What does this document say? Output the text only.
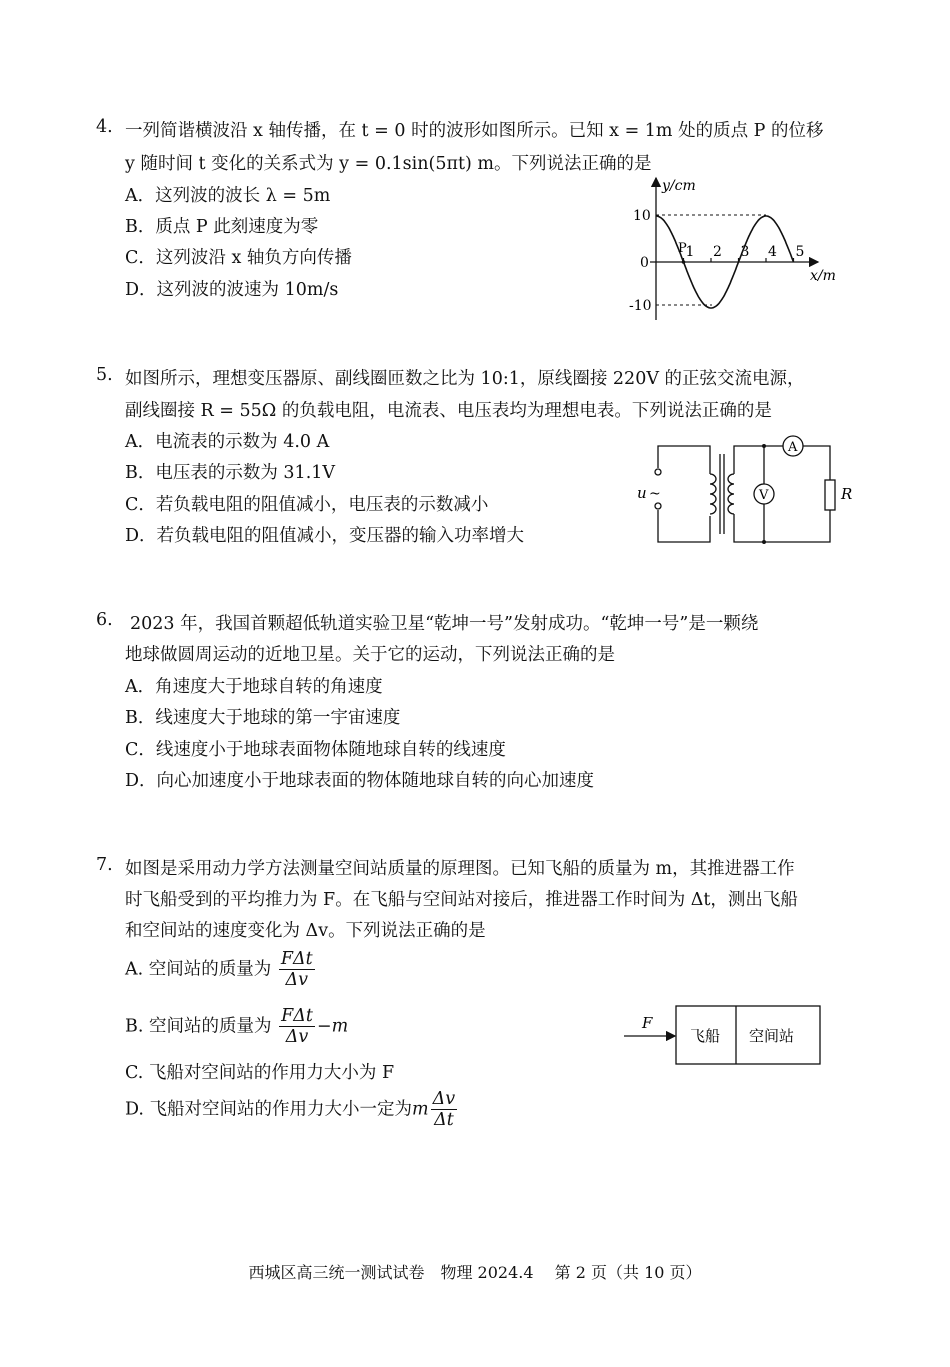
4. 一列简谐横波沿 x 轴传播，在 t = 0 时的波形如图所示。已知 x = 1m 处的质点 P 的位移
y 随时间 t 变化的关系式为 y = 0.1sin(5πt) m。下列说法正确的是
A．这列波的波长 λ = 5m
B．质点 P 此刻速度为零
C．这列波沿 x 轴负方向传播
D．这列波的波速为 10m/s
y/cm
x/m
10
0
-10
P
1 2 3 4 5
5. 如图所示，理想变压器原、副线圈匝数之比为 10:1，原线圈接 220V 的正弦交流电源，
副线圈接 R = 55Ω 的负载电阻，电流表、电压表均为理想电表。下列说法正确的是
A．电流表的示数为 4.0 A
B．电压表的示数为 31.1V
C．若负载电阻的阻值减小，电压表的示数减小
D．若负载电阻的阻值减小，变压器的输入功率增大
u ~
A
V	R
6. 2023 年，我国首颗超低轨道实验卫星“乾坤一号”发射成功。“乾坤一号”是一颗绕
地球做圆周运动的近地卫星。关于它的运动，下列说法正确的是
A．角速度大于地球自转的角速度
B．线速度大于地球的第一宇宙速度
C．线速度小于地球表面物体随地球自转的线速度
D．向心加速度小于地球表面的物体随地球自转的向心加速度
7. 如图是采用动力学方法测量空间站质量的原理图。已知飞船的质量为 m，其推进器工作
时飞船受到的平均推力为 F。在飞船与空间站对接后，推进器工作时间为 Δt，测出飞船
和空间站的速度变化为 Δv。下列说法正确的是
A. 空间站的质量为 $\frac{\text{FΔt}}{\Delta v}$
B. 空间站的质量为 $\frac{\text{FΔt}}{\Delta v} -m$
C. 飞船对空间站的作用力大小为 F
D. 飞船对空间站的作用力大小一定为m $\frac{\Delta v}{\Delta t}$
F
飞船 空间站
西城区高三统一测试试卷　物理 2024.4　 第 2 页（共 10 页）
